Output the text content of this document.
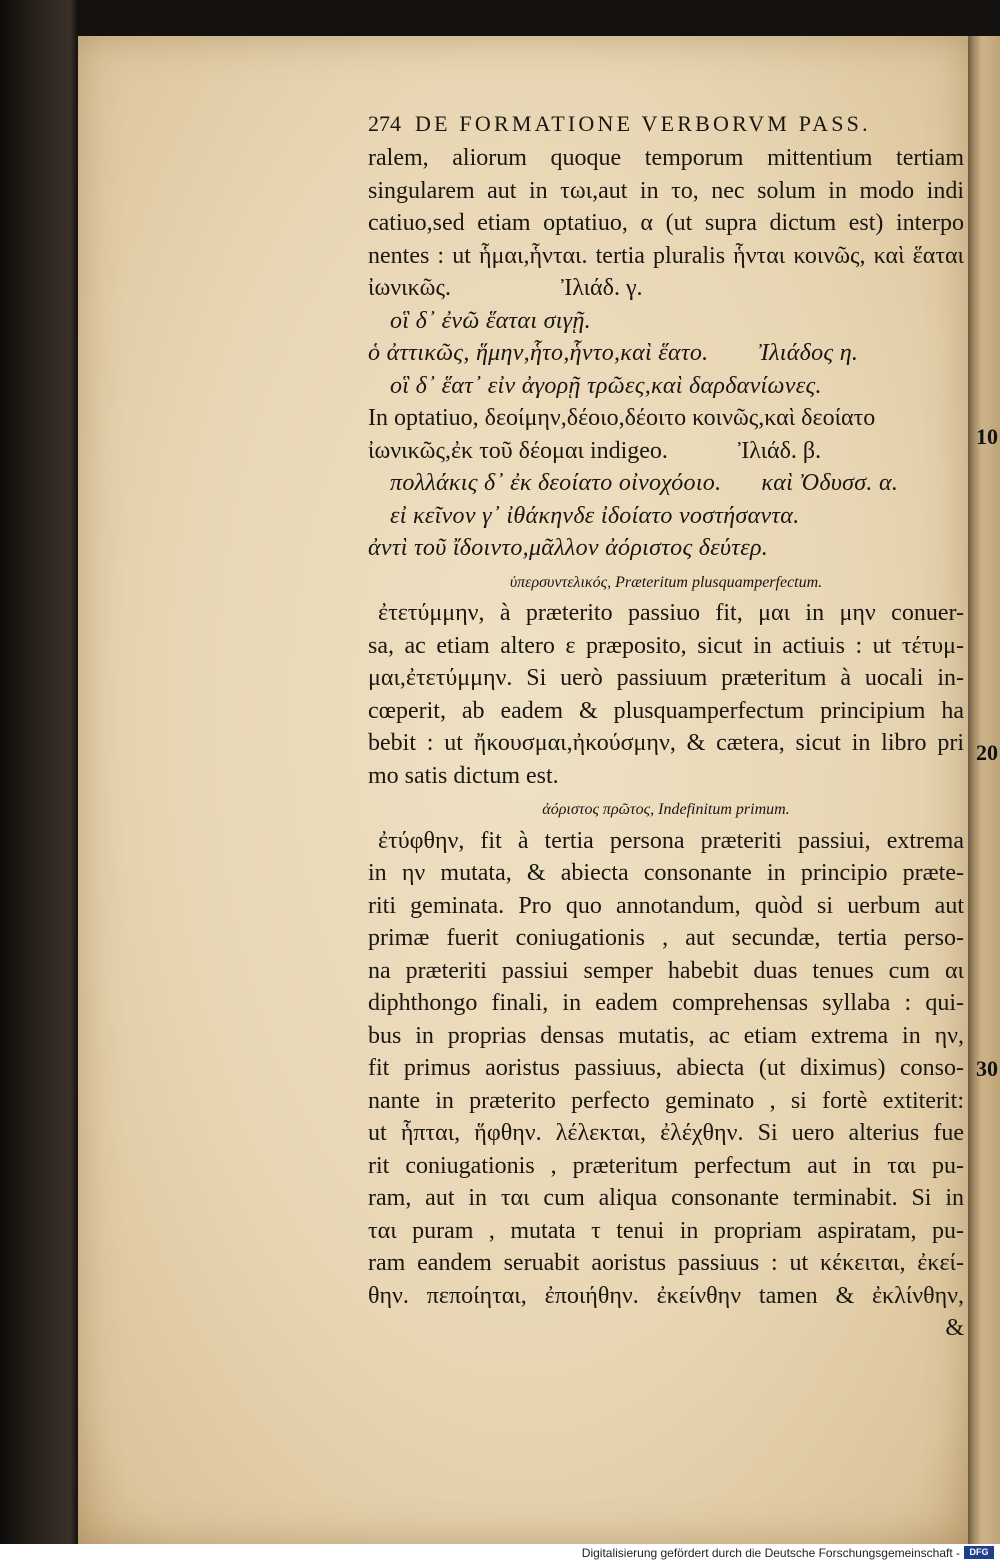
10
20
30
274 DE FORMATIONE VERBORVM PASS.
ralem, aliorum quoque temporum mittentium tertiam
singularem aut in τωι,aut in το, nec solum in modo indi
catiuo,sed etiam optatiuo, α (ut supra dictum est) interpo
nentes : ut ἧμαι,ἧνται. tertia pluralis ἧνται κοινῶς, καὶ ἕαται
ἰωνικῶς.	Ἰλιάδ. γ.
οἳ δ᾽ ἐνῶ ἕαται σιγῇ.
ὁ ἀττικῶς, ἥμην,ἧτο,ἧντο,καὶ ἕατο. Ἰλιάδος η.
οἳ δ᾽ ἕατ᾽ εἰν ἀγορῇ τρῶες,καὶ δαρδανίωνες.
In optatiuo, δεοίμην,δέοιο,δέοιτο κοινῶς,καὶ δεοίατο
ἰωνικῶς,ἐκ τοῦ δέομαι indigeo.	Ἰλιάδ. β.
πολλάκις δ᾽ ἐκ δεοίατο οἰνοχόοιο. καὶ Ὀδυσσ. α.
εἰ κεῖνον γ᾽ ἰθάκηνδε ἰδοίατο νοστήσαντα.
ἀντὶ τοῦ ἴδοιντο,μᾶλλον ἀόριστος δεύτερ.
ὑπερσυντελικός, Præteritum plusquamperfectum.
ἐτετύμμην, à præterito passiuo fit, μαι in μην conuer-
sa, ac etiam altero ε præposito, sicut in actiuis : ut τέτυμ-
μαι,ἐτετύμμην. Si uerò passiuum præteritum à uocali in-
cœperit, ab eadem & plusquamperfectum principium ha
bebit : ut ἤκουσμαι,ἠκούσμην, & cætera, sicut in libro pri
mo satis dictum est.
ἀόριστος πρῶτος, Indefinitum primum.
ἐτύφθην, fit à tertia persona præteriti passiui, extrema
in ην mutata, & abiecta consonante in principio præte-
riti geminata. Pro quo annotandum, quòd si uerbum aut
primæ fuerit coniugationis , aut secundæ, tertia perso-
na præteriti passiui semper habebit duas tenues cum αι
diphthongo finali, in eadem comprehensas syllaba : qui-
bus in proprias densas mutatis, ac etiam extrema in ην,
fit primus aoristus passiuus, abiecta (ut diximus) conso-
nante in præterito perfecto geminato , si fortè extiterit:
ut ἧπται, ἥφθην. λέλεκται, ἐλέχθην. Si uero alterius fue
rit coniugationis , præteritum perfectum aut in ται pu-
ram, aut in ται cum aliqua consonante terminabit. Si in
ται puram , mutata τ tenui in propriam aspiratam, pu-
ram eandem seruabit aoristus passiuus : ut κέκειται, ἐκεί-
θην. πεποίηται, ἐποιήθην. ἐκείνθην tamen & ἐκλίνθην,
&
Digitalisierung gefördert durch die Deutsche Forschungsgemeinschaft -	DFG
